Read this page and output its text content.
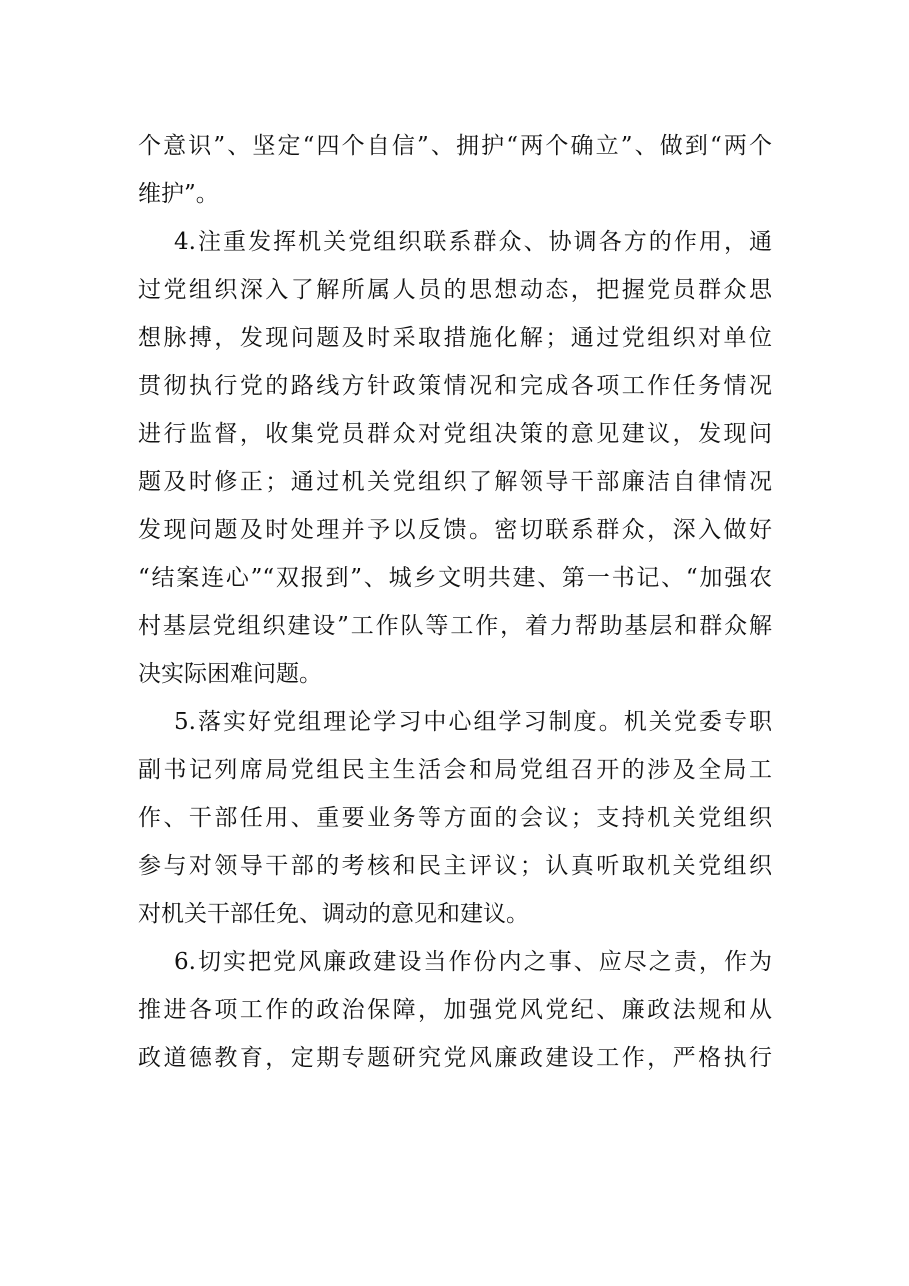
个意识”、坚定“四个自信”、拥护“两个确立”、做到“两个
维护”。
4.注重发挥机关党组织联系群众、协调各方的作用，通
过党组织深入了解所属人员的思想动态，把握党员群众思
想脉搏，发现问题及时采取措施化解；通过党组织对单位
贯彻执行党的路线方针政策情况和完成各项工作任务情况
进行监督，收集党员群众对党组决策的意见建议，发现问
题及时修正；通过机关党组织了解领导干部廉洁自律情况
发现问题及时处理并予以反馈。密切联系群众，深入做好
“结案连心”“双报到”、城乡文明共建、第一书记、“加强农
村基层党组织建设”工作队等工作，着力帮助基层和群众解
决实际困难问题。
5.落实好党组理论学习中心组学习制度。机关党委专职
副书记列席局党组民主生活会和局党组召开的涉及全局工
作、干部任用、重要业务等方面的会议；支持机关党组织
参与对领导干部的考核和民主评议；认真听取机关党组织
对机关干部任免、调动的意见和建议。
6.切实把党风廉政建设当作份内之事、应尽之责，作为
推进各项工作的政治保障，加强党风党纪、廉政法规和从
政道德教育，定期专题研究党风廉政建设工作，严格执行
